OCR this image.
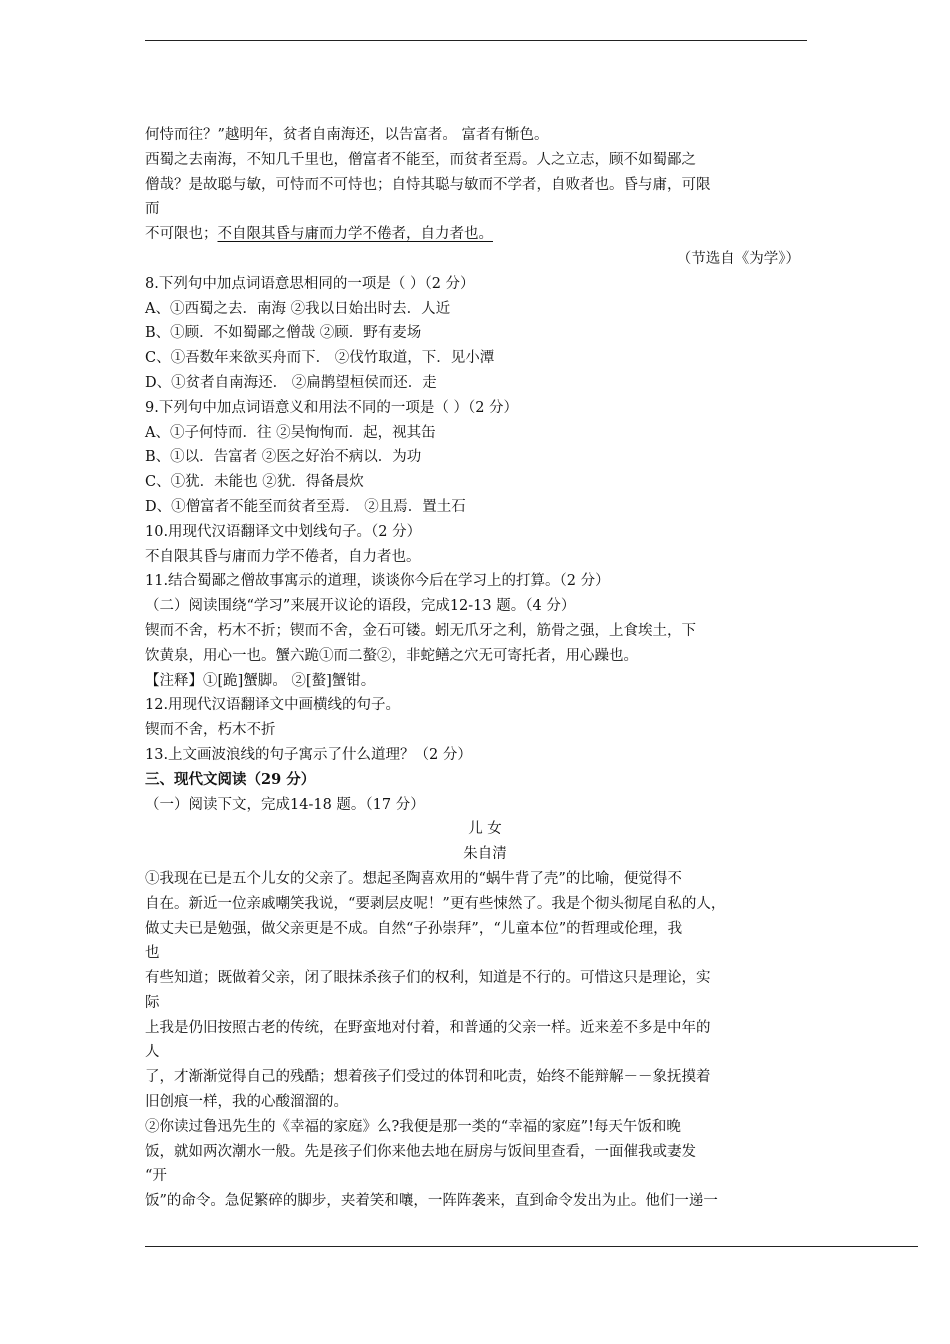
何恃而往？”越明年，贫者自南海还，以告富者。 富者有惭色。
西蜀之去南海，不知几千里也，僧富者不能至，而贫者至焉。人之立志，顾不如蜀鄙之
僧哉？是故聪与敏，可恃而不可恃也；自恃其聪与敏而不学者，自败者也。昏与庸，可限
而
不可限也；不自限其昏与庸而力学不倦者，自力者也。
（节选自《为学》）
8.下列句中加点词语意思相同的一项是（ ）（2 分）
A、①西蜀之去．南海 ②我以日始出时去．人近
B、①顾．不如蜀鄙之僧哉 ②顾．野有麦场
C、①吾数年来欲买舟而下． ②伐竹取道，下．见小潭
D、①贫者自南海还． ②扁鹊望桓侯而还．走
9.下列句中加点词语意义和用法不同的一项是（ ）（2 分）
A、①子何恃而．往 ②吴恂恂而．起，视其缶
B、①以．告富者 ②医之好治不病以．为功
C、①犹．未能也 ②犹．得备晨炊
D、①僧富者不能至而贫者至焉． ②且焉．置土石
10.用现代汉语翻译文中划线句子。（2 分）
不自限其昏与庸而力学不倦者，自力者也。
11.结合蜀鄙之僧故事寓示的道理，谈谈你今后在学习上的打算。（2 分）
（二）阅读围绕“学习”来展开议论的语段，完成12-13 题。（4 分）
锲而不舍，朽木不折；锲而不舍，金石可镂。蚓无爪牙之利，筋骨之强，上食埃土，下
饮黄泉，用心一也。蟹六跪①而二螯②，非蛇鳝之穴无可寄托者，用心躁也。
【注释】①[跪]蟹脚。 ②[螯]蟹钳。
12.用现代汉语翻译文中画横线的句子。
锲而不舍，朽木不折
13.上文画波浪线的句子寓示了什么道理？（2 分）
三、现代文阅读（29 分）
（一）阅读下文，完成14-18 题。（17 分）
儿 女
朱自清
①我现在已是五个儿女的父亲了。想起圣陶喜欢用的“蜗牛背了壳”的比喻，便觉得不
自在。新近一位亲戚嘲笑我说，“要剥层皮呢！”更有些悚然了。我是个彻头彻尾自私的人，
做丈夫已是勉强，做父亲更是不成。自然“子孙崇拜”，“儿童本位”的哲理或伦理，我
也
有些知道；既做着父亲，闭了眼抹杀孩子们的权利，知道是不行的。可惜这只是理论，实
际
上我是仍旧按照古老的传统，在野蛮地对付着，和普通的父亲一样。近来差不多是中年的
人
了，才渐渐觉得自己的残酷；想着孩子们受过的体罚和叱责，始终不能辩解－－象抚摸着
旧创痕一样，我的心酸溜溜的。
②你读过鲁迅先生的《幸福的家庭》么?我便是那一类的“幸福的家庭”!每天午饭和晚
饭，就如两次潮水一般。先是孩子们你来他去地在厨房与饭间里查看，一面催我或妻发
“开
饭”的命令。急促繁碎的脚步，夹着笑和嚷，一阵阵袭来，直到命令发出为止。他们一递一
